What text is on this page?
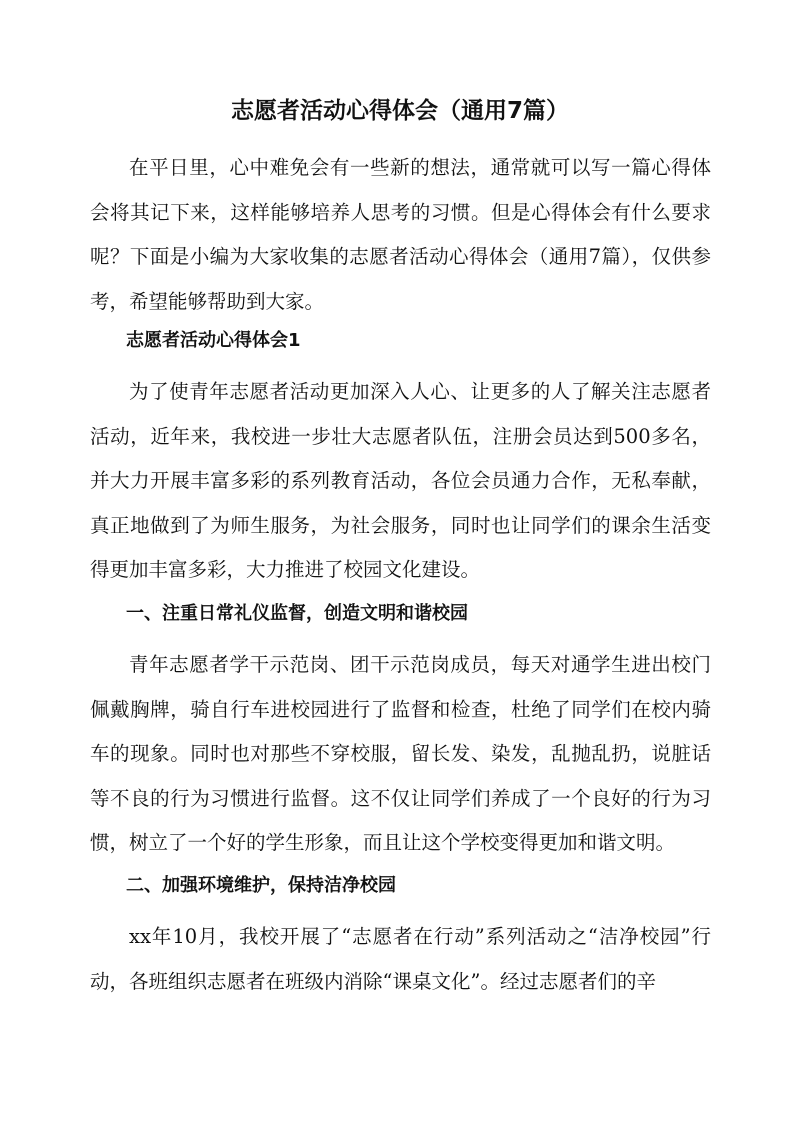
志愿者活动心得体会（通用7篇）

在平日里，心中难免会有一些新的想法，通常就可以写一篇心得体会将其记下来，这样能够培养人思考的习惯。但是心得体会有什么要求呢？下面是小编为大家收集的志愿者活动心得体会（通用7篇），仅供参考，希望能够帮助到大家。

志愿者活动心得体会1

为了使青年志愿者活动更加深入人心、让更多的人了解关注志愿者活动，近年来，我校进一步壮大志愿者队伍，注册会员达到500多名，并大力开展丰富多彩的系列教育活动，各位会员通力合作，无私奉献，真正地做到了为师生服务，为社会服务，同时也让同学们的课余生活变得更加丰富多彩，大力推进了校园文化建设。

一、注重日常礼仪监督，创造文明和谐校园

青年志愿者学干示范岗、团干示范岗成员，每天对通学生进出校门佩戴胸牌，骑自行车进校园进行了监督和检查，杜绝了同学们在校内骑车的现象。同时也对那些不穿校服，留长发、染发，乱抛乱扔，说脏话等不良的行为习惯进行监督。这不仅让同学们养成了一个良好的行为习惯，树立了一个好的学生形象，而且让这个学校变得更加和谐文明。

二、加强环境维护，保持洁净校园

xx年10月，我校开展了“志愿者在行动”系列活动之“洁净校园”行动，各班组织志愿者在班级内消除“课桌文化”。经过志愿者们的辛
